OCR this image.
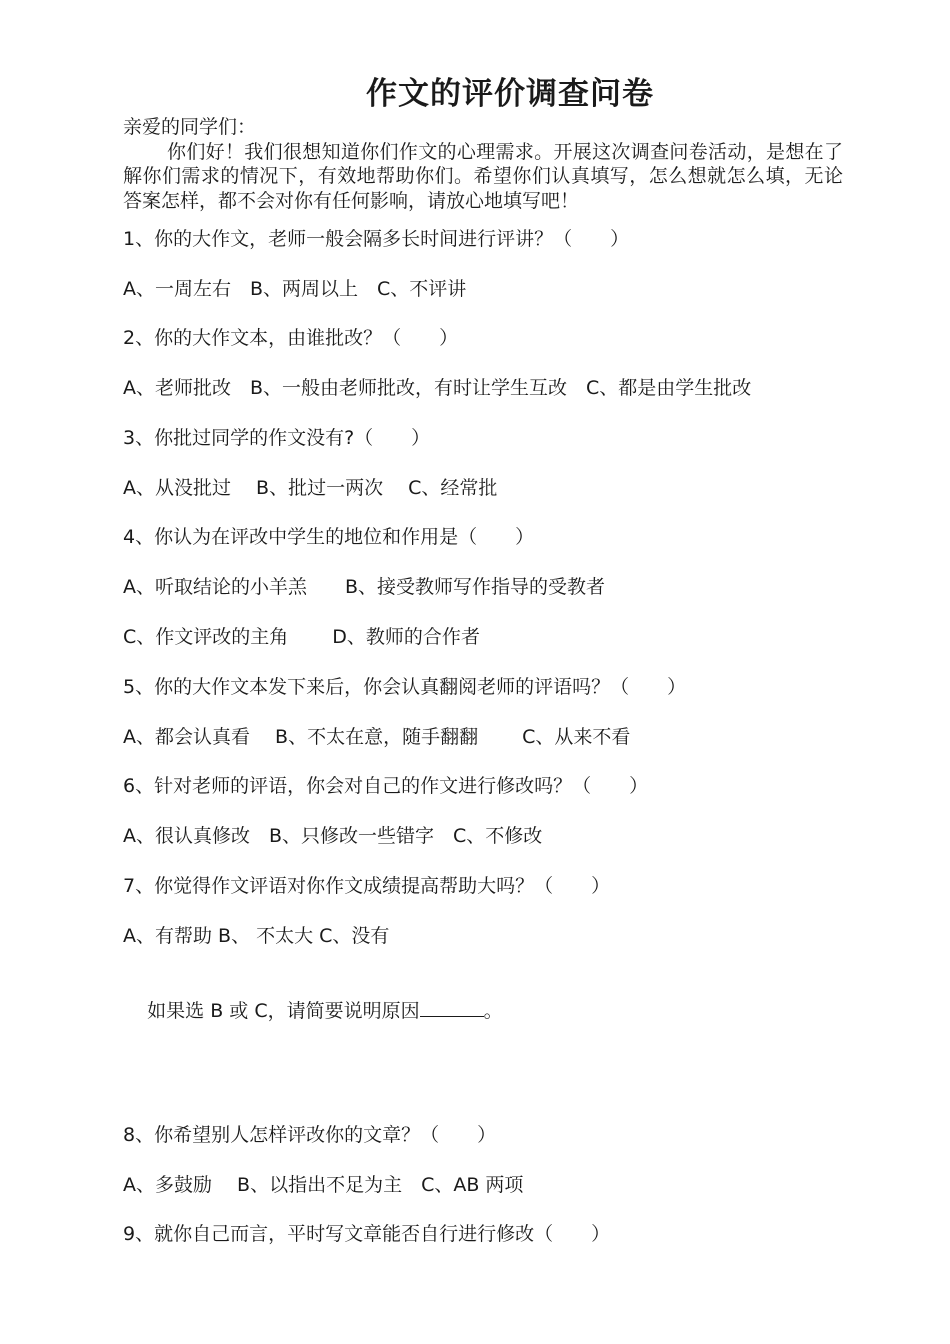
作文的评价调查问卷

亲爱的同学们：

你们好！我们很想知道你们作文的心理需求。开展这次调查问卷活动，是想在了解你们需求的情况下，有效地帮助你们。希望你们认真填写，怎么想就怎么填，无论答案怎样，都不会对你有任何影响，请放心地填写吧！

1、你的大作文，老师一般会隔多长时间进行评讲？（　　）
A、一周左右　B、两周以上　C、不评讲
2、你的大作文本，由谁批改？（　　）
A、老师批改　B、一般由老师批改，有时让学生互改　C、都是由学生批改
3、你批过同学的作文没有?（　　）
A、从没批过　 B、批过一两次　 C、经常批
4、你认为在评改中学生的地位和作用是（　　）
A、听取结论的小羊羔　　B、接受教师写作指导的受教者
C、作文评改的主角　　 D、教师的合作者
5、你的大作文本发下来后，你会认真翻阅老师的评语吗？（　　）
A、都会认真看　 B、不太在意，随手翻翻　　 C、从来不看
6、针对老师的评语，你会对自己的作文进行修改吗？（　　）
A、很认真修改　B、只修改一些错字　C、不修改
7、你觉得作文评语对你作文成绩提高帮助大吗？（　　）
A、有帮助 B、 不太大 C、没有

如果选 B 或 C，请简要说明原因	。

8、你希望别人怎样评改你的文章？（　　）
A、多鼓励　 B、以指出不足为主　C、AB 两项
9、就你自己而言，平时写文章能否自行进行修改（　　）
